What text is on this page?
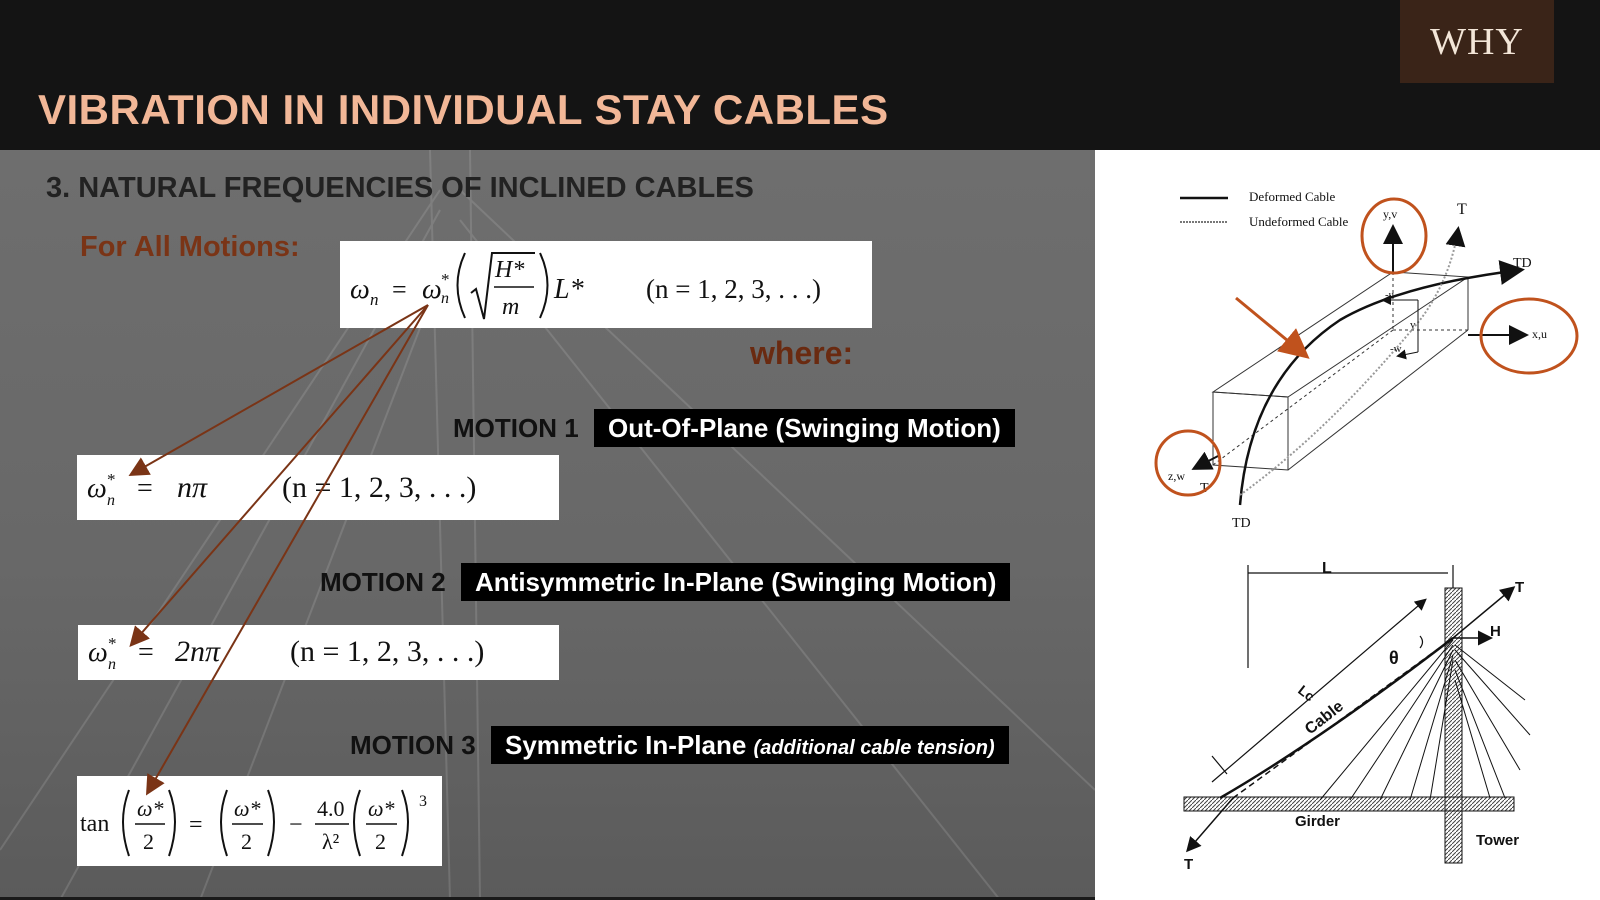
WHY
VIBRATION IN INDIVIDUAL STAY CABLES
3. NATURAL FREQUENCIES OF INCLINED CABLES
For All Motions:
ω n = ω *
n
H*
m
L* (n = 1, 2, 3, . . .)
where:
MOTION 1	Out-Of-Plane (Swinging Motion)
ω *
n = nπ (n = 1, 2, 3, . . .)
MOTION 2	Antisymmetric In-Plane (Swinging Motion)
ω *
n = 2nπ (n = 1, 2, 3, . . .)
MOTION 3	Symmetric In-Plane (additional cable tension)
tan
ω*
2
=
ω*
2
−
4.0
λ²
ω*
2
3
Deformed Cable
Undeformed Cable	y,v	T
TD
x,u
z,w
T
TD
-u
v
-w
L
T
H
θ
Lc
Cable
Girder
Tower
T
